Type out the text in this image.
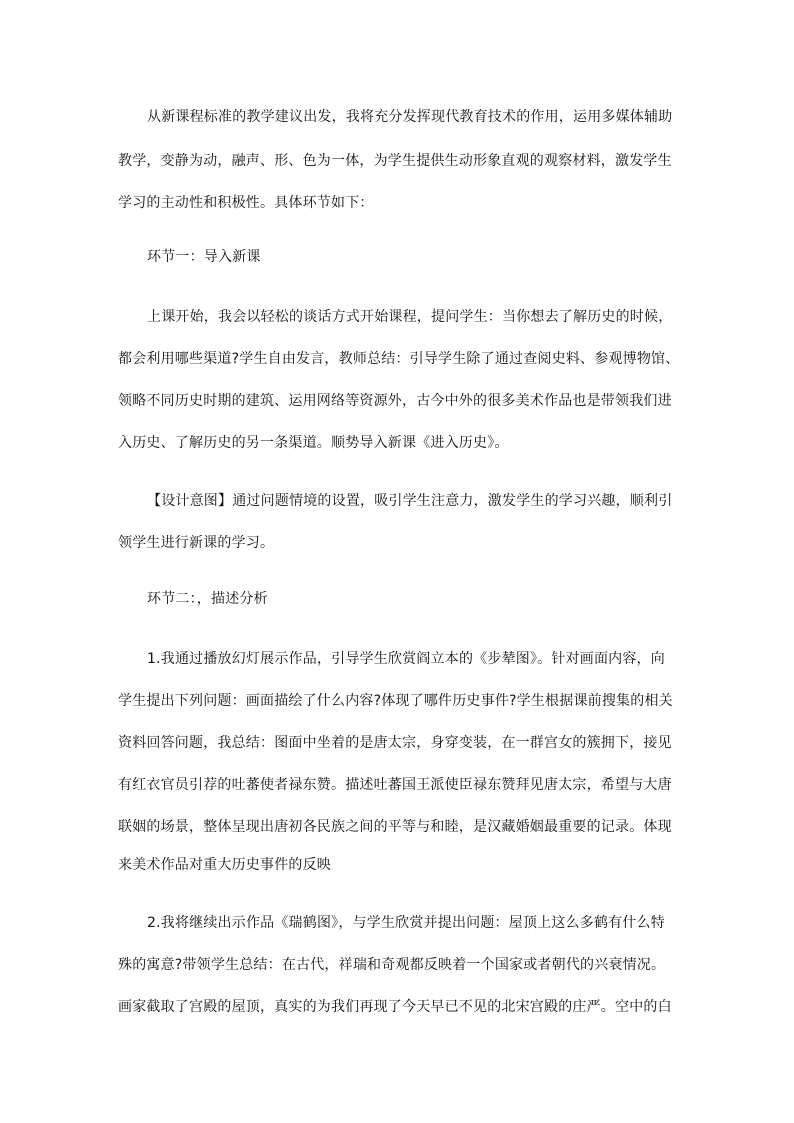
从新课程标准的教学建议出发，我将充分发挥现代教育技术的作用，运用多媒体辅助
教学，变静为动，融声、形、色为一体，为学生提供生动形象直观的观察材料，激发学生
学习的主动性和积极性。具体环节如下：
环节一：导入新课
上课开始，我会以轻松的谈话方式开始课程，提问学生：当你想去了解历史的时候，
都会利用哪些渠道?学生自由发言，教师总结：引导学生除了通过查阅史料、参观博物馆、
领略不同历史时期的建筑、运用网络等资源外，古今中外的很多美术作品也是带领我们进
入历史、了解历史的另一条渠道。顺势导入新课《进入历史》。
【设计意图】通过问题情境的设置，吸引学生注意力，激发学生的学习兴趣，顺利引
领学生进行新课的学习。
环节二：，描述分析
1.我通过播放幻灯展示作品，引导学生欣赏阎立本的《步辇图》。针对画面内容，向
学生提出下列问题：画面描绘了什么内容?体现了哪件历史事件?学生根据课前搜集的相关
资料回答问题，我总结：图面中坐着的是唐太宗，身穿变装，在一群宫女的簇拥下，接见
有红衣官员引荐的吐蕃使者禄东赞。描述吐蕃国王派使臣禄东赞拜见唐太宗，希望与大唐
联姻的场景，整体呈现出唐初各民族之间的平等与和睦，是汉藏婚姻最重要的记录。体现
来美术作品对重大历史事件的反映
2.我将继续出示作品《瑞鹤图》，与学生欣赏并提出问题：屋顶上这么多鹤有什么特
殊的寓意?带领学生总结：在古代，祥瑞和奇观都反映着一个国家或者朝代的兴衰情况。
画家截取了宫殿的屋顶，真实的为我们再现了今天早已不见的北宋宫殿的庄严。空中的白
